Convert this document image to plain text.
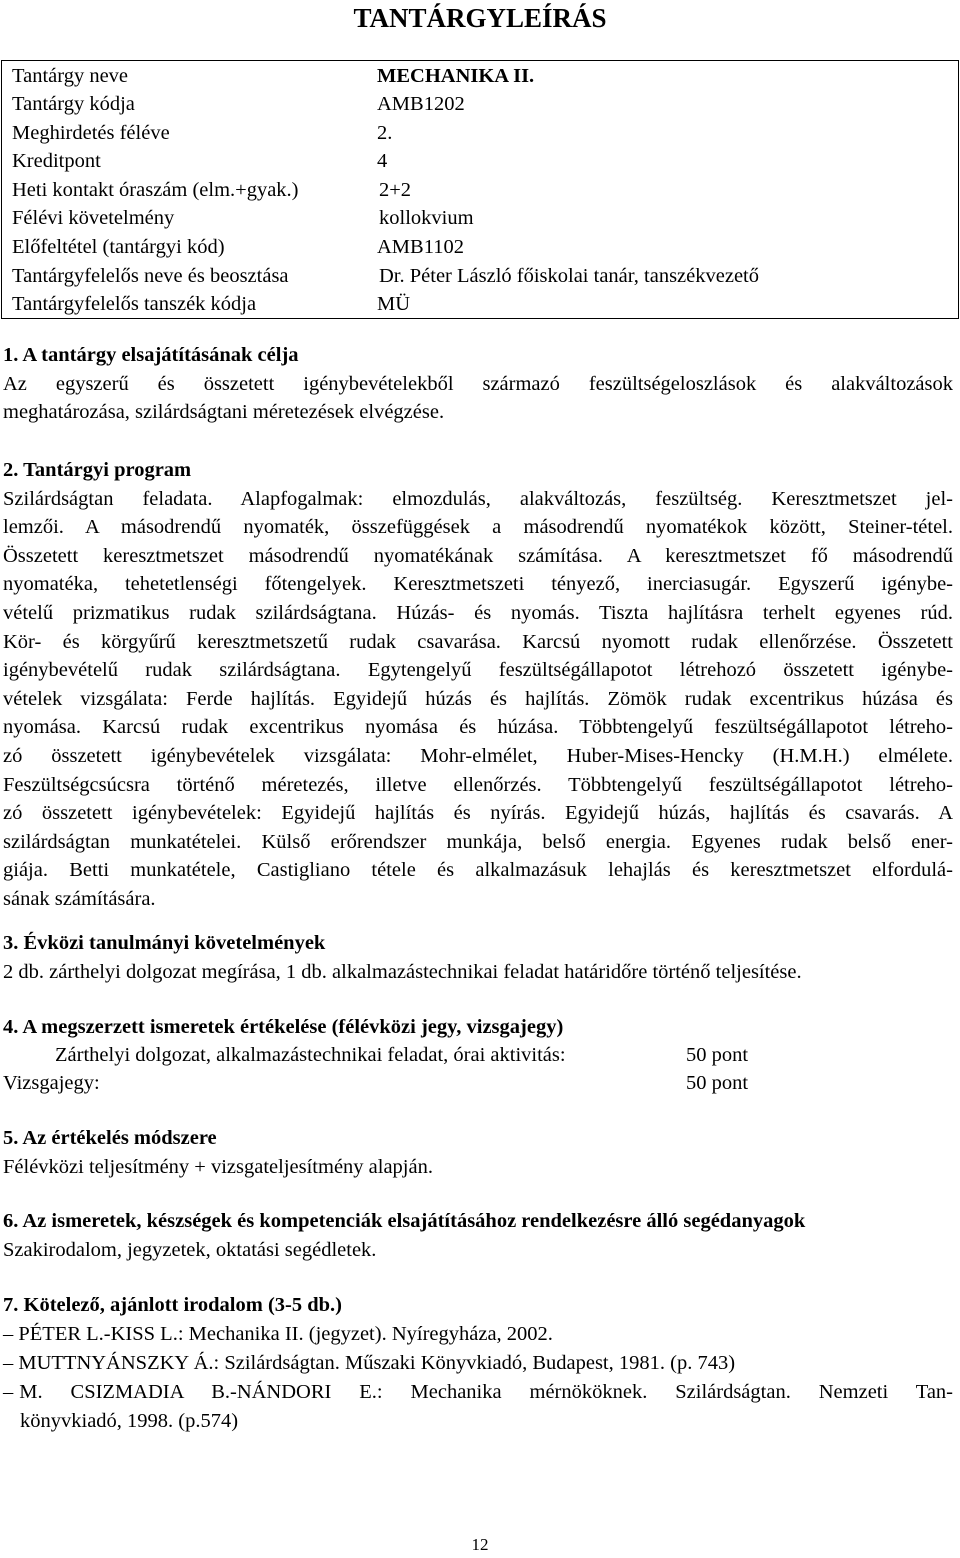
TANTÁRGYLEÍRÁS
Tantárgy neve	MECHANIKA II.
Tantárgy kódja	AMB1202
Meghirdetés féléve	2.
Kreditpont	4
Heti kontakt óraszám (elm.+gyak.)	2+2
Félévi követelmény	kollokvium
Előfeltétel (tantárgyi kód)	AMB1102
Tantárgyfelelős neve és beosztása	Dr. Péter László főiskolai tanár, tanszékvezető
Tantárgyfelelős tanszék kódja	MÜ
1. A tantárgy elsajátításának célja
Az egyszerű és összetett igénybevételekből származó feszültségeloszlások és alakváltozások
meghatározása, szilárdságtani méretezések elvégzése.
2. Tantárgyi program
Szilárdságtan feladata. Alapfogalmak: elmozdulás, alakváltozás, feszültség. Keresztmetszet jel-
lemzői. A másodrendű nyomaték, összefüggések a másodrendű nyomatékok között, Steiner-tétel.
Összetett keresztmetszet másodrendű nyomatékának számítása. A keresztmetszet fő másodrendű
nyomatéka, tehetetlenségi főtengelyek. Keresztmetszeti tényező, inerciasugár. Egyszerű igénybe-
vételű prizmatikus rudak szilárdságtana. Húzás- és nyomás. Tiszta hajlításra terhelt egyenes rúd.
Kör- és körgyűrű keresztmetszetű rudak csavarása. Karcsú nyomott rudak ellenőrzése. Összetett
igénybevételű rudak szilárdságtana. Egytengelyű feszültségállapotot létrehozó összetett igénybe-
vételek vizsgálata: Ferde hajlítás. Egyidejű húzás és hajlítás. Zömök rudak excentrikus húzása és
nyomása. Karcsú rudak excentrikus nyomása és húzása. Többtengelyű feszültségállapotot létreho-
zó összetett igénybevételek vizsgálata: Mohr-elmélet, Huber-Mises-Hencky (H.M.H.) elmélete.
Feszültségcsúcsra történő méretezés, illetve ellenőrzés. Többtengelyű feszültségállapotot létreho-
zó összetett igénybevételek: Egyidejű hajlítás és nyírás. Egyidejű húzás, hajlítás és csavarás. A
szilárdságtan munkatételei. Külső erőrendszer munkája, belső energia. Egyenes rudak belső ener-
giája. Betti munkatétele, Castigliano tétele és alkalmazásuk lehajlás és keresztmetszet elfordulá-
sának számítására.
3. Évközi tanulmányi követelmények
2 db. zárthelyi dolgozat megírása, 1 db. alkalmazástechnikai feladat határidőre történő teljesítése.
4. A megszerzett ismeretek értékelése (félévközi jegy, vizsgajegy)
Zárthelyi dolgozat, alkalmazástechnikai feladat, órai aktivitás:	50 pont
Vizsgajegy:	50 pont
5. Az értékelés módszere
Félévközi teljesítmény + vizsgateljesítmény alapján.
6. Az ismeretek, készségek és kompetenciák elsajátításához rendelkezésre álló segédanyagok
Szakirodalom, jegyzetek, oktatási segédletek.
7. Kötelező, ajánlott irodalom (3-5 db.)
– PÉTER L.-KISS L.: Mechanika II. (jegyzet). Nyíregyháza, 2002.
– MUTTNYÁNSZKY Á.: Szilárdságtan. Műszaki Könyvkiadó, Budapest, 1981. (p. 743)
– M. CSIZMADIA B.-NÁNDORI E.: Mechanika mérnököknek. Szilárdságtan. Nemzeti Tan-
könyvkiadó, 1998. (p.574)
12
